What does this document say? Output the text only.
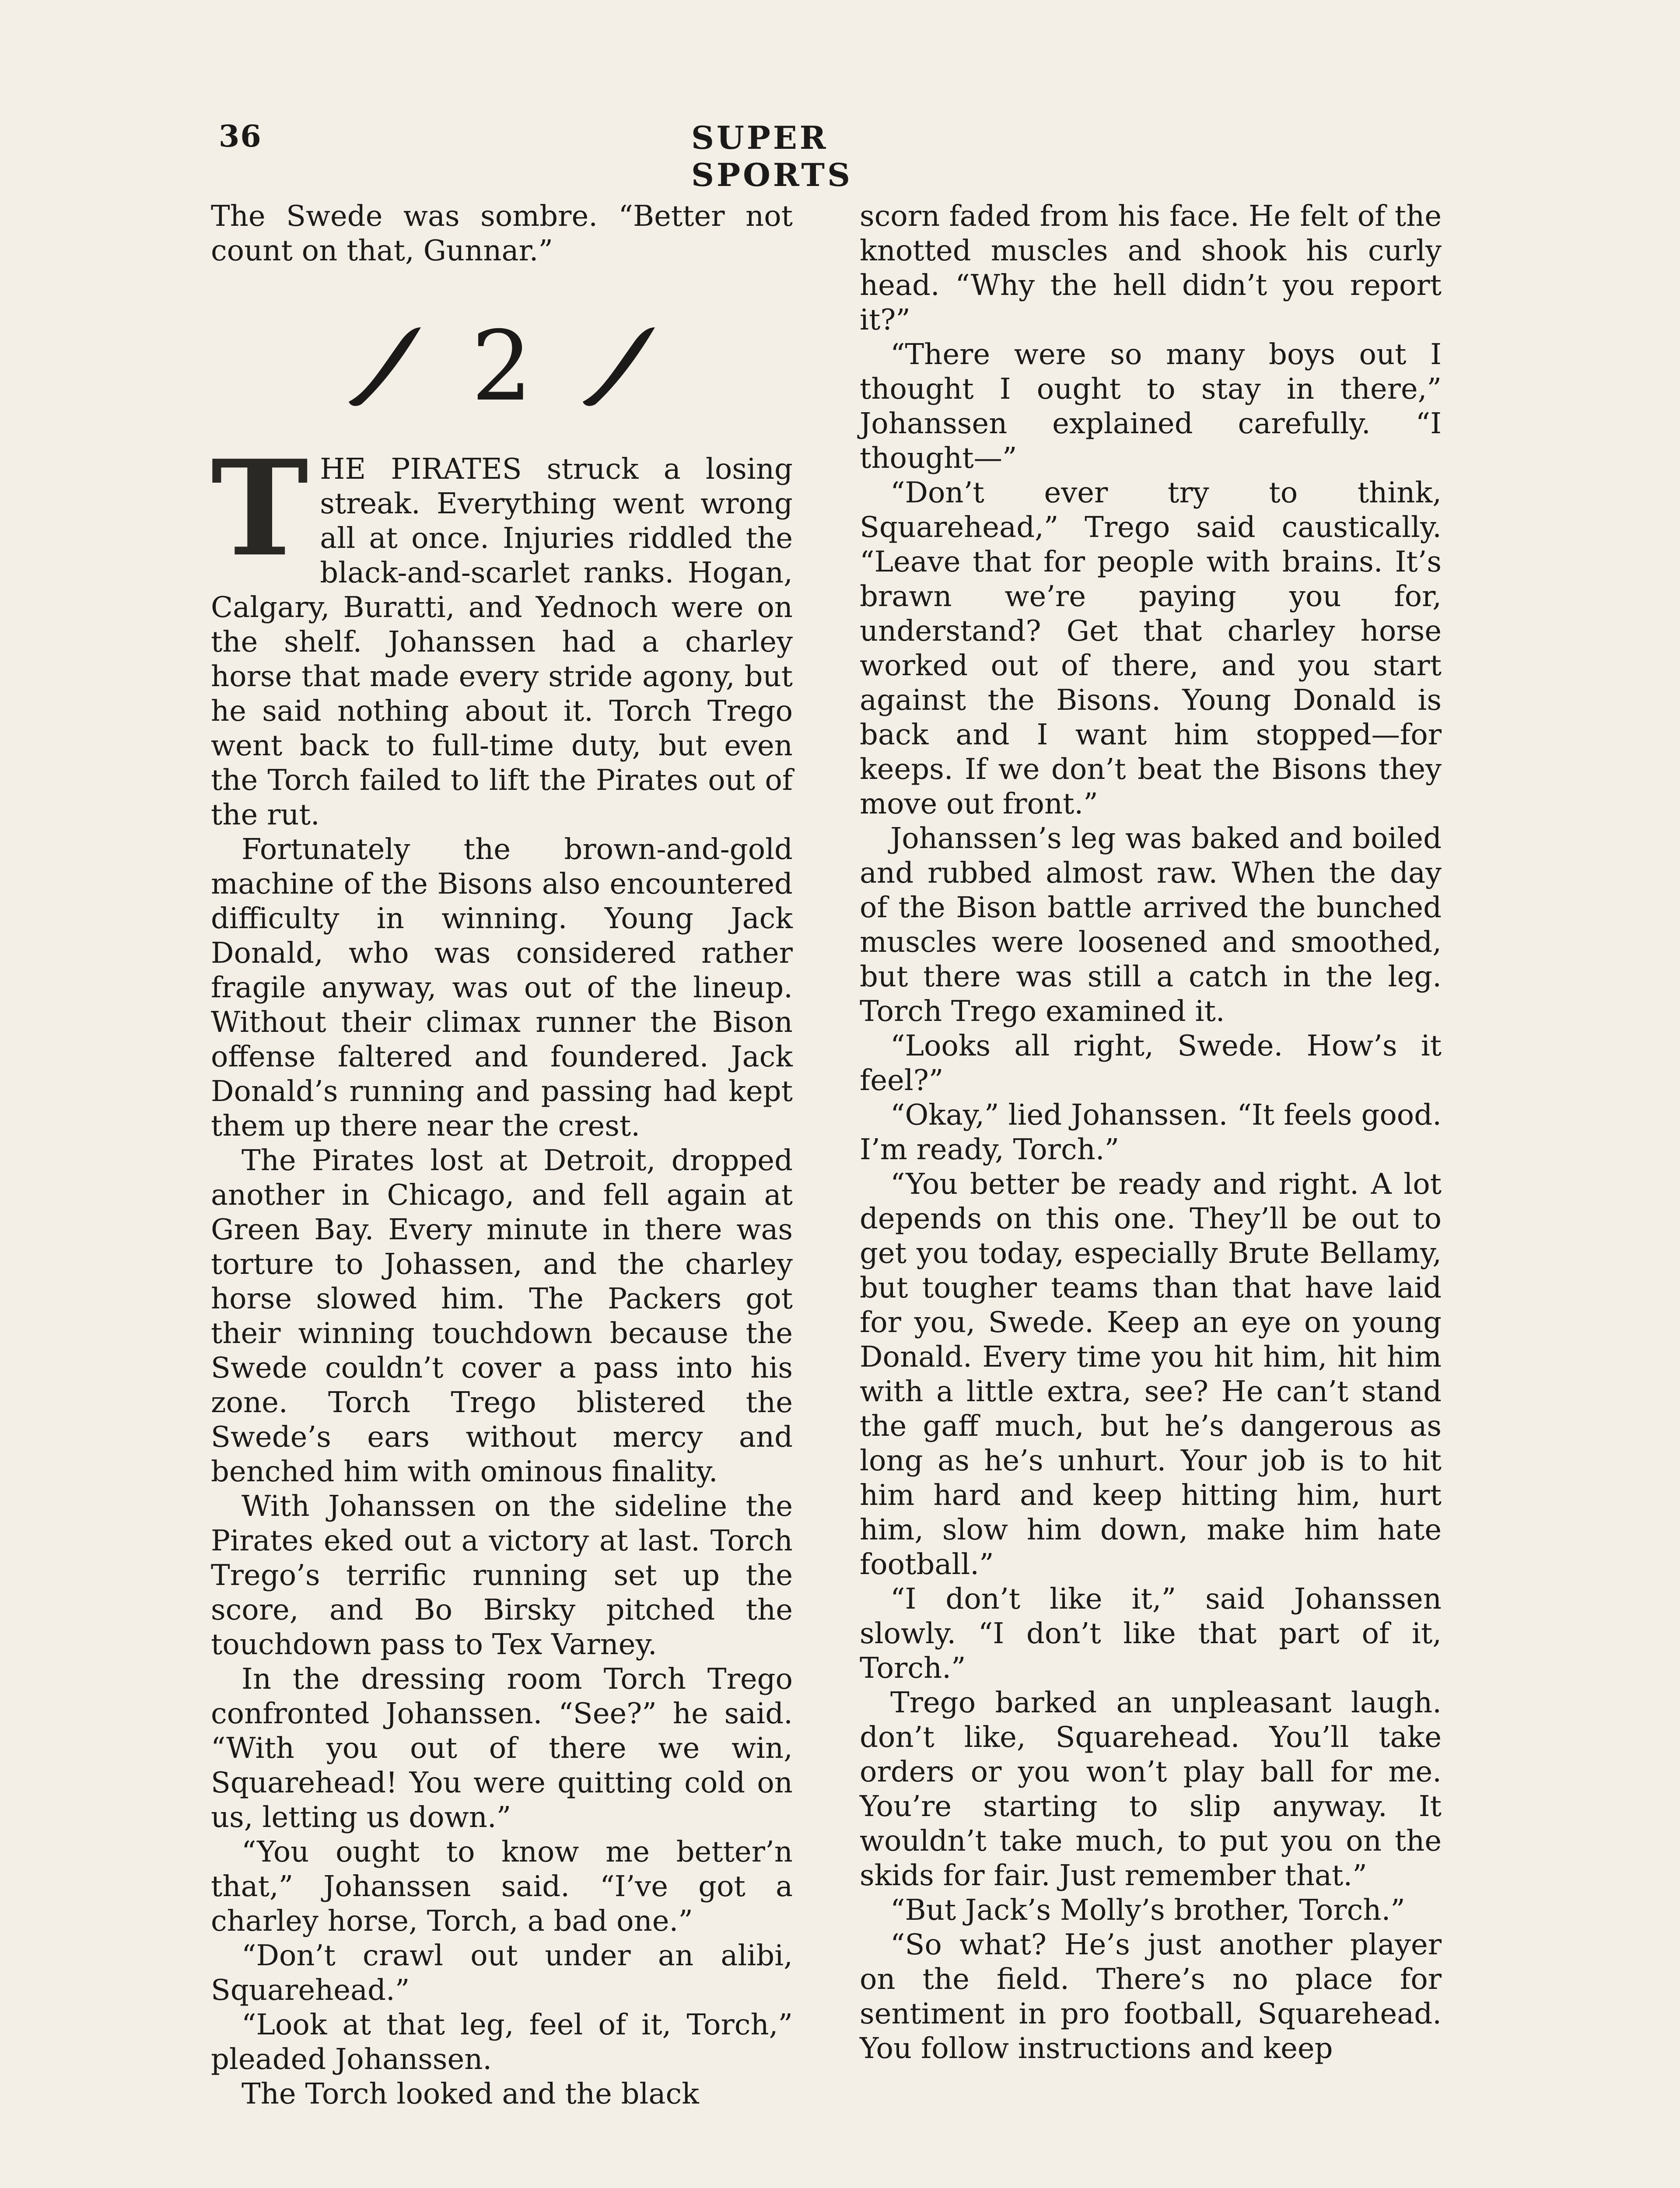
36	SUPER SPORTS

The Swede was sombre. “Better not count on that, Gunnar.”

2

THE PIRATES struck a losing streak. Everything went wrong all at once. Injuries riddled the black-and-scarlet ranks. Hogan, Calgary, Buratti, and Yednoch were on the shelf. Johanssen had a charley horse that made every stride agony, but he said nothing about it. Torch Trego went back to full-time duty, but even the Torch failed to lift the Pirates out of the rut.

Fortunately the brown-and-gold machine of the Bisons also encountered difficulty in winning. Young Jack Donald, who was considered rather fragile anyway, was out of the lineup. Without their climax runner the Bison offense faltered and foundered. Jack Donald’s running and passing had kept them up there near the crest.

The Pirates lost at Detroit, dropped another in Chicago, and fell again at Green Bay. Every minute in there was torture to Johassen, and the charley horse slowed him. The Packers got their winning touchdown because the Swede couldn’t cover a pass into his zone. Torch Trego blistered the Swede’s ears without mercy and benched him with ominous finality.

With Johanssen on the sideline the Pirates eked out a victory at last. Torch Trego’s terrific running set up the score, and Bo Birsky pitched the touchdown pass to Tex Varney.

In the dressing room Torch Trego confronted Johanssen. “See?” he said. “With you out of there we win, Squarehead! You were quitting cold on us, letting us down.”

“You ought to know me better’n that,” Johanssen said. “I’ve got a charley horse, Torch, a bad one.”

“Don’t crawl out under an alibi, Squarehead.”

“Look at that leg, feel of it, Torch,” pleaded Johanssen.

The Torch looked and the black

scorn faded from his face. He felt of the knotted muscles and shook his curly head. “Why the hell didn’t you report it?”

“There were so many boys out I thought I ought to stay in there,” Johanssen explained carefully. “I thought—”

“Don’t ever try to think, Squarehead,” Trego said caustically. “Leave that for people with brains. It’s brawn we’re paying you for, understand? Get that charley horse worked out of there, and you start against the Bisons. Young Donald is back and I want him stopped—for keeps. If we don’t beat the Bisons they move out front.”

Johanssen’s leg was baked and boiled and rubbed almost raw. When the day of the Bison battle arrived the bunched muscles were loosened and smoothed, but there was still a catch in the leg. Torch Trego examined it.

“Looks all right, Swede. How’s it feel?”

“Okay,” lied Johanssen. “It feels good. I’m ready, Torch.”

“You better be ready and right. A lot depends on this one. They’ll be out to get you today, especially Brute Bellamy, but tougher teams than that have laid for you, Swede. Keep an eye on young Donald. Every time you hit him, hit him with a little extra, see? He can’t stand the gaff much, but he’s dangerous as long as he’s unhurt. Your job is to hit him hard and keep hitting him, hurt him, slow him down, make him hate football.”

“I don’t like it,” said Johanssen slowly. “I don’t like that part of it, Torch.”

Trego barked an unpleasant laugh. don’t like, Squarehead. You’ll take orders or you won’t play ball for me. You’re starting to slip anyway. It wouldn’t take much, to put you on the skids for fair. Just remember that.”

“But Jack’s Molly’s brother, Torch.”

“So what? He’s just another player on the field. There’s no place for sentiment in pro football, Squarehead. You follow instructions and keep
